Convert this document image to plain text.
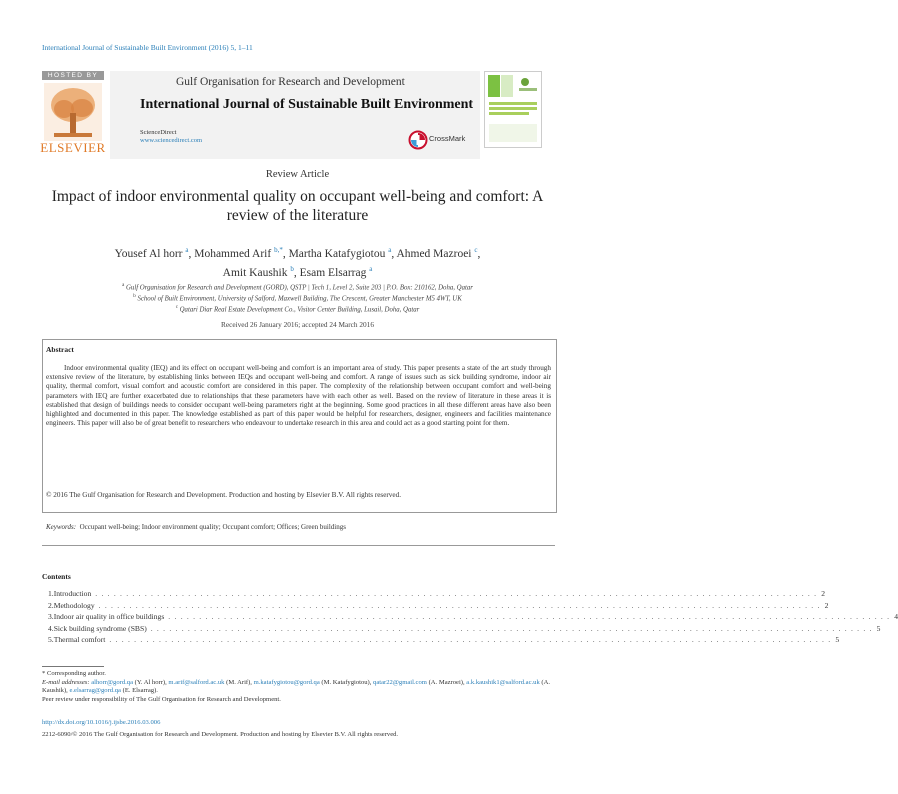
International Journal of Sustainable Built Environment (2016) 5, 1–11
HOSTED BY
ELSEVIER
Gulf Organisation for Research and Development
International Journal of Sustainable Built Environment
ScienceDirect
www.sciencedirect.com	CrossMark
Review Article
Impact of indoor environmental quality on occupant well-being and comfort: A review of the literature
Yousef Al horr $^a$, Mohammed Arif $^{b,*}$, Martha Katafygiotou $^a$, Ahmed Mazroei $^c$,
Amit Kaushik $^b$, Esam Elsarrag $^a$
$^a$ Gulf Organisation for Research and Development (GORD), QSTP | Tech 1, Level 2, Suite 203 | P.O. Box: 210162, Doha, Qatar
$^b$ School of Built Environment, University of Salford, Maxwell Building, The Crescent, Greater Manchester M5 4WT, UK
$^c$ Qatari Diar Real Estate Development Co., Visitor Center Building, Lusail, Doha, Qatar
Received 26 January 2016; accepted 24 March 2016
Abstract
Indoor environmental quality (IEQ) and its effect on occupant well-being and comfort is an important area of study. This paper presents a state of the art study through extensive review of the literature, by establishing links between IEQs and occupant well-being and comfort. A range of issues such as sick building syndrome, indoor air quality, thermal comfort, visual comfort and acoustic comfort are considered in this paper. The complexity of the relationship between occupant comfort and well-being parameters with IEQ are further exacerbated due to relationships that these parameters have with each other as well. Based on the review of literature in these areas it is established that design of buildings needs to consider occupant well-being parameters right at the beginning. Some good practices in all these different areas have also been highlighted and documented in this paper. The knowledge established as part of this paper would be helpful for researchers, designer, engineers and facilities maintenance engineers. This paper will also be of great benefit to researchers who endeavour to undertake research in this area and could act as a good starting point for them.
© 2016 The Gulf Organisation for Research and Development. Production and hosting by Elsevier B.V. All rights reserved.
Keywords: Occupant well-being; Indoor environment quality; Occupant comfort; Offices; Green buildings
Contents
1. Introduction . . . . . . . . . . . . . . . . . . . . . . . . . . . . . . . . . . . . . . . . . . . . . . . . . . . . . . . . . . . . . . . . . . . . . . . . . . . . . . . . . . . . . . . . . . . . . . . . . . . . . . . . . . . . . . . . . . . . . 2
2. Methodology . . . . . . . . . . . . . . . . . . . . . . . . . . . . . . . . . . . . . . . . . . . . . . . . . . . . . . . . . . . . . . . . . . . . . . . . . . . . . . . . . . . . . . . . . . . . . . . . . . . . . . . . . . . . . . . . . . . . . 2
3. Indoor air quality in office buildings . . . . . . . . . . . . . . . . . . . . . . . . . . . . . . . . . . . . . . . . . . . . . . . . . . . . . . . . . . . . . . . . . . . . . . . . . . . . . . . . . . . . . . . . . . . . . . . . . . . . . . . . . . . . . . . . . . . . . 4
4. Sick building syndrome (SBS) . . . . . . . . . . . . . . . . . . . . . . . . . . . . . . . . . . . . . . . . . . . . . . . . . . . . . . . . . . . . . . . . . . . . . . . . . . . . . . . . . . . . . . . . . . . . . . . . . . . . . . . . . . . . . . . . . . . . . 5
5. Thermal comfort . . . . . . . . . . . . . . . . . . . . . . . . . . . . . . . . . . . . . . . . . . . . . . . . . . . . . . . . . . . . . . . . . . . . . . . . . . . . . . . . . . . . . . . . . . . . . . . . . . . . . . . . . . . . . . . . . . . . . 5
* Corresponding author.
E-mail addresses: alhorr@gord.qa (Y. Al horr), m.arif@salford.ac.uk (M. Arif), m.katafygiotou@gord.qa (M. Katafygiotou), qatar22@gmail.com (A. Mazroei), a.k.kaushik1@salford.ac.uk (A. Kaushik), e.elsarrag@gord.qa (E. Elsarrag).
Peer review under responsibility of The Gulf Organisation for Research and Development.
http://dx.doi.org/10.1016/j.ijsbe.2016.03.006
2212-6090/© 2016 The Gulf Organisation for Research and Development. Production and hosting by Elsevier B.V. All rights reserved.
